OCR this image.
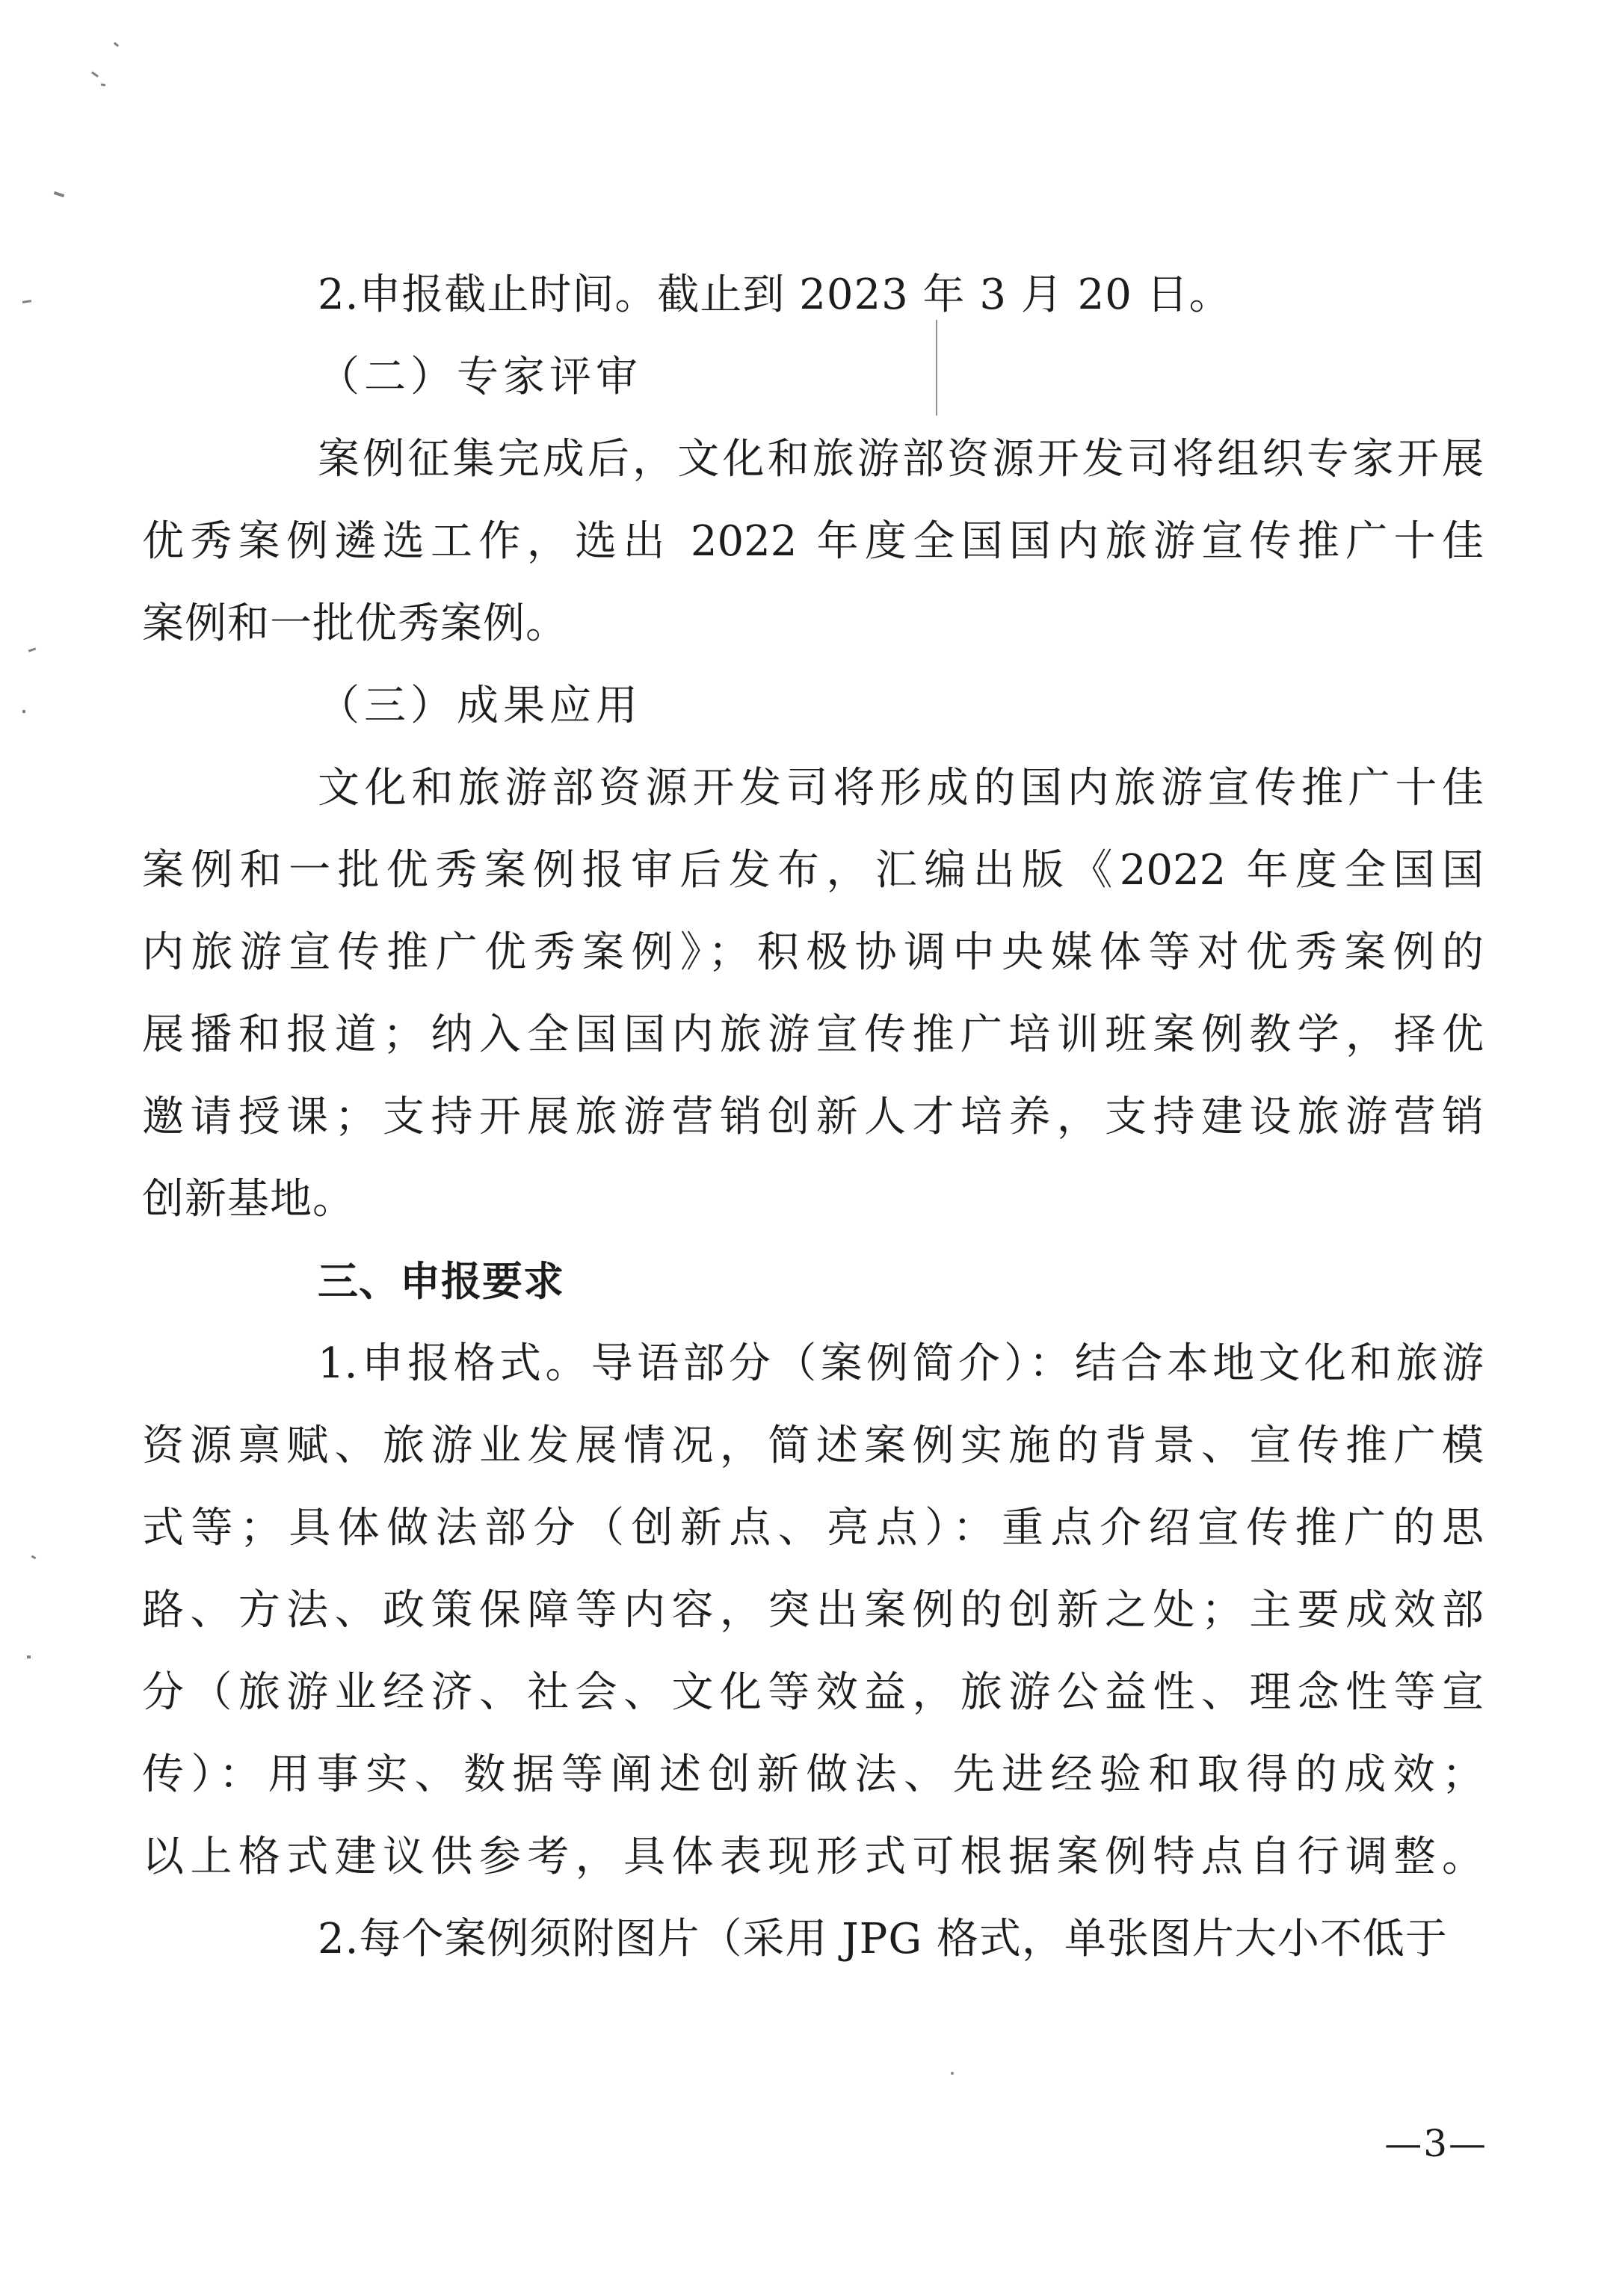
2.申报截止时间。截止到 2023 年 3 月 20 日。
（二）专家评审
案例征集完成后，文化和旅游部资源开发司将组织专家开展
优秀案例遴选工作，选出 2022 年度全国国内旅游宣传推广十佳
案例和一批优秀案例。
（三）成果应用
文化和旅游部资源开发司将形成的国内旅游宣传推广十佳
案例和一批优秀案例报审后发布，汇编出版《2022 年度全国国
内旅游宣传推广优秀案例》；积极协调中央媒体等对优秀案例的
展播和报道；纳入全国国内旅游宣传推广培训班案例教学，择优
邀请授课；支持开展旅游营销创新人才培养，支持建设旅游营销
创新基地。
三、申报要求
1.申报格式。导语部分（案例简介）：结合本地文化和旅游
资源禀赋、旅游业发展情况，简述案例实施的背景、宣传推广模
式等；具体做法部分（创新点、亮点）：重点介绍宣传推广的思
路、方法、政策保障等内容，突出案例的创新之处；主要成效部
分（旅游业经济、社会、文化等效益，旅游公益性、理念性等宣
传）：用事实、数据等阐述创新做法、先进经验和取得的成效；
以上格式建议供参考，具体表现形式可根据案例特点自行调整。
2.每个案例须附图片（采用 JPG 格式，单张图片大小不低于
—3—
